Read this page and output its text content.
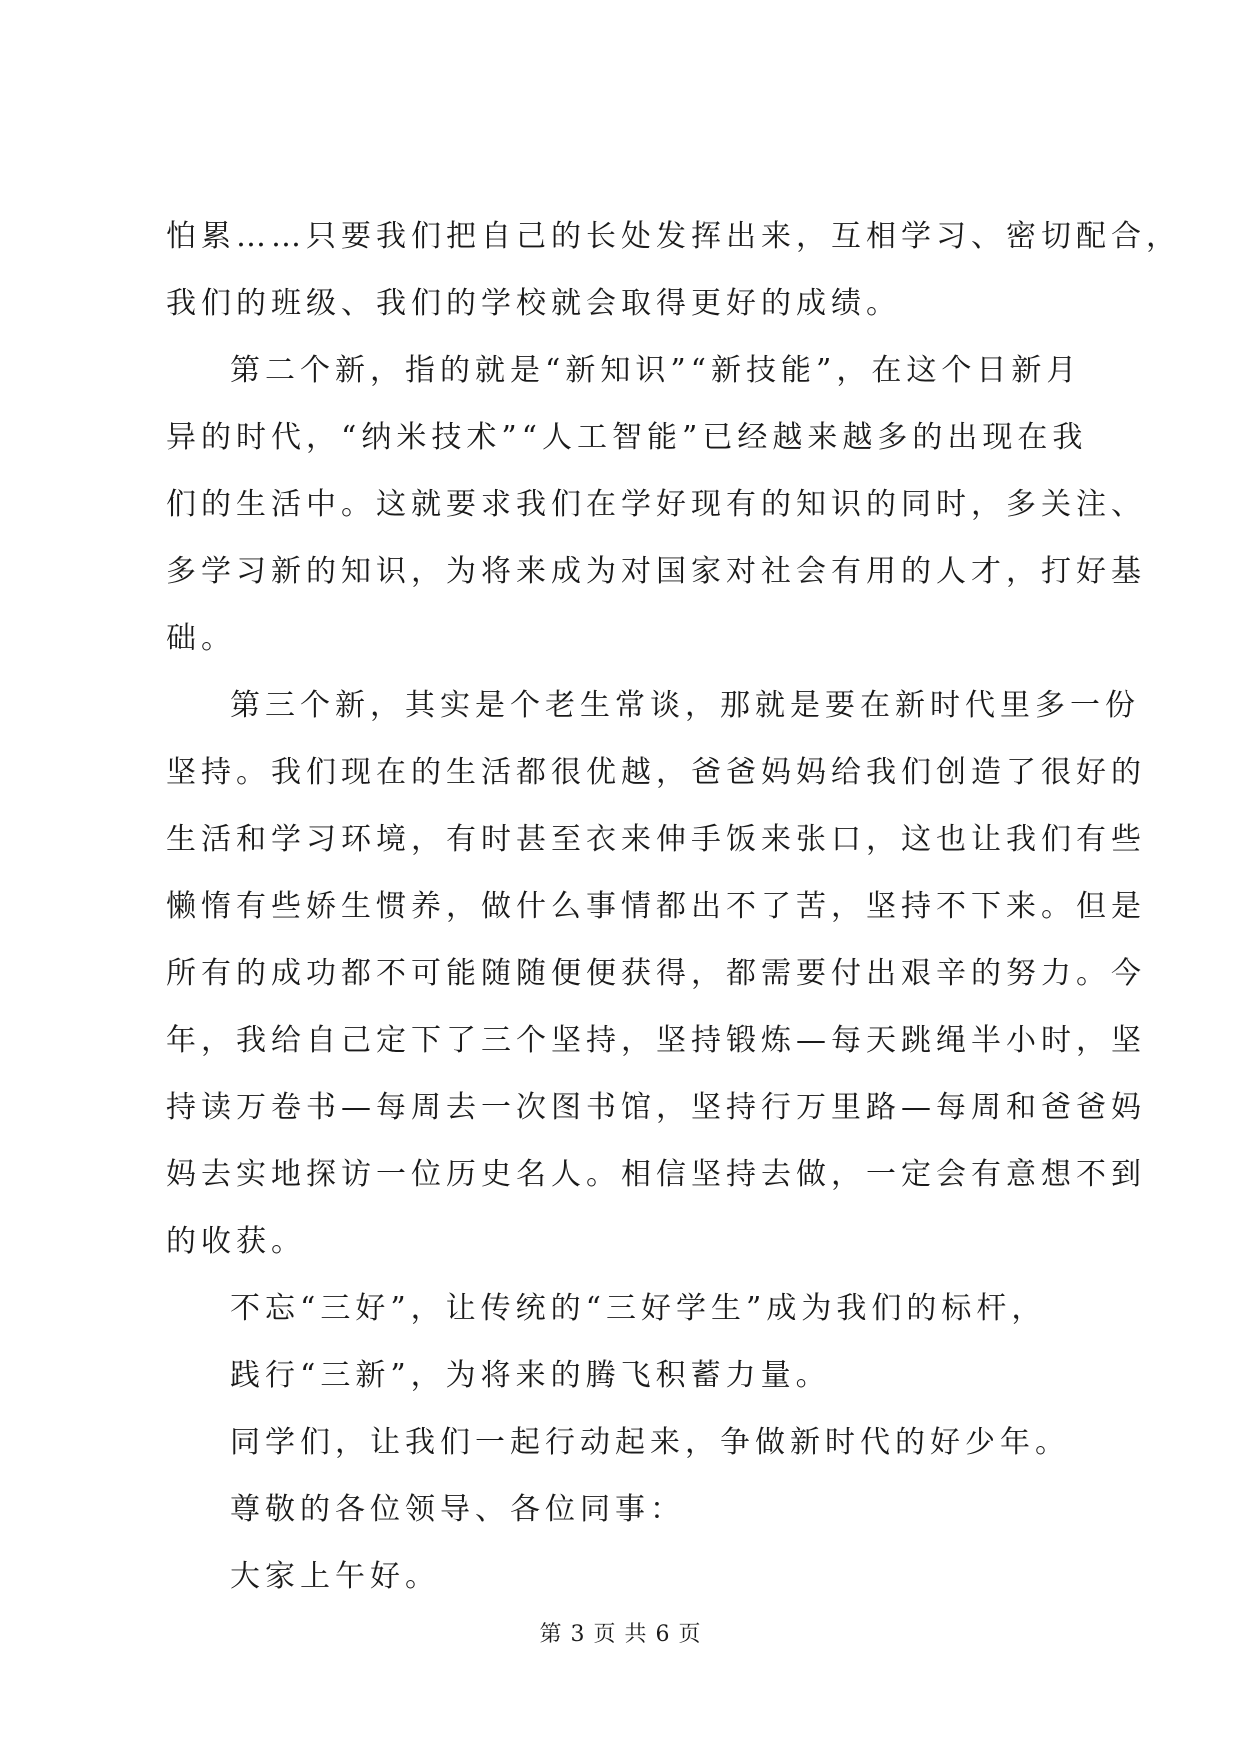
怕累……只要我们把自己的长处发挥出来，互相学习、密切配合，
我们的班级、我们的学校就会取得更好的成绩。
第二个新，指的就是“新知识”“新技能”，在这个日新月
异的时代，“纳米技术”“人工智能”已经越来越多的出现在我
们的生活中。这就要求我们在学好现有的知识的同时，多关注、
多学习新的知识，为将来成为对国家对社会有用的人才，打好基
础。
第三个新，其实是个老生常谈，那就是要在新时代里多一份
坚持。我们现在的生活都很优越，爸爸妈妈给我们创造了很好的
生活和学习环境，有时甚至衣来伸手饭来张口，这也让我们有些
懒惰有些娇生惯养，做什么事情都出不了苦，坚持不下来。但是
所有的成功都不可能随随便便获得，都需要付出艰辛的努力。今
年，我给自己定下了三个坚持，坚持锻炼—每天跳绳半小时，坚
持读万卷书—每周去一次图书馆，坚持行万里路—每周和爸爸妈
妈去实地探访一位历史名人。相信坚持去做，一定会有意想不到
的收获。
不忘“三好”，让传统的“三好学生”成为我们的标杆，
践行“三新”，为将来的腾飞积蓄力量。
同学们，让我们一起行动起来，争做新时代的好少年。
尊敬的各位领导、各位同事：
大家上午好。
第 3 页 共 6 页
